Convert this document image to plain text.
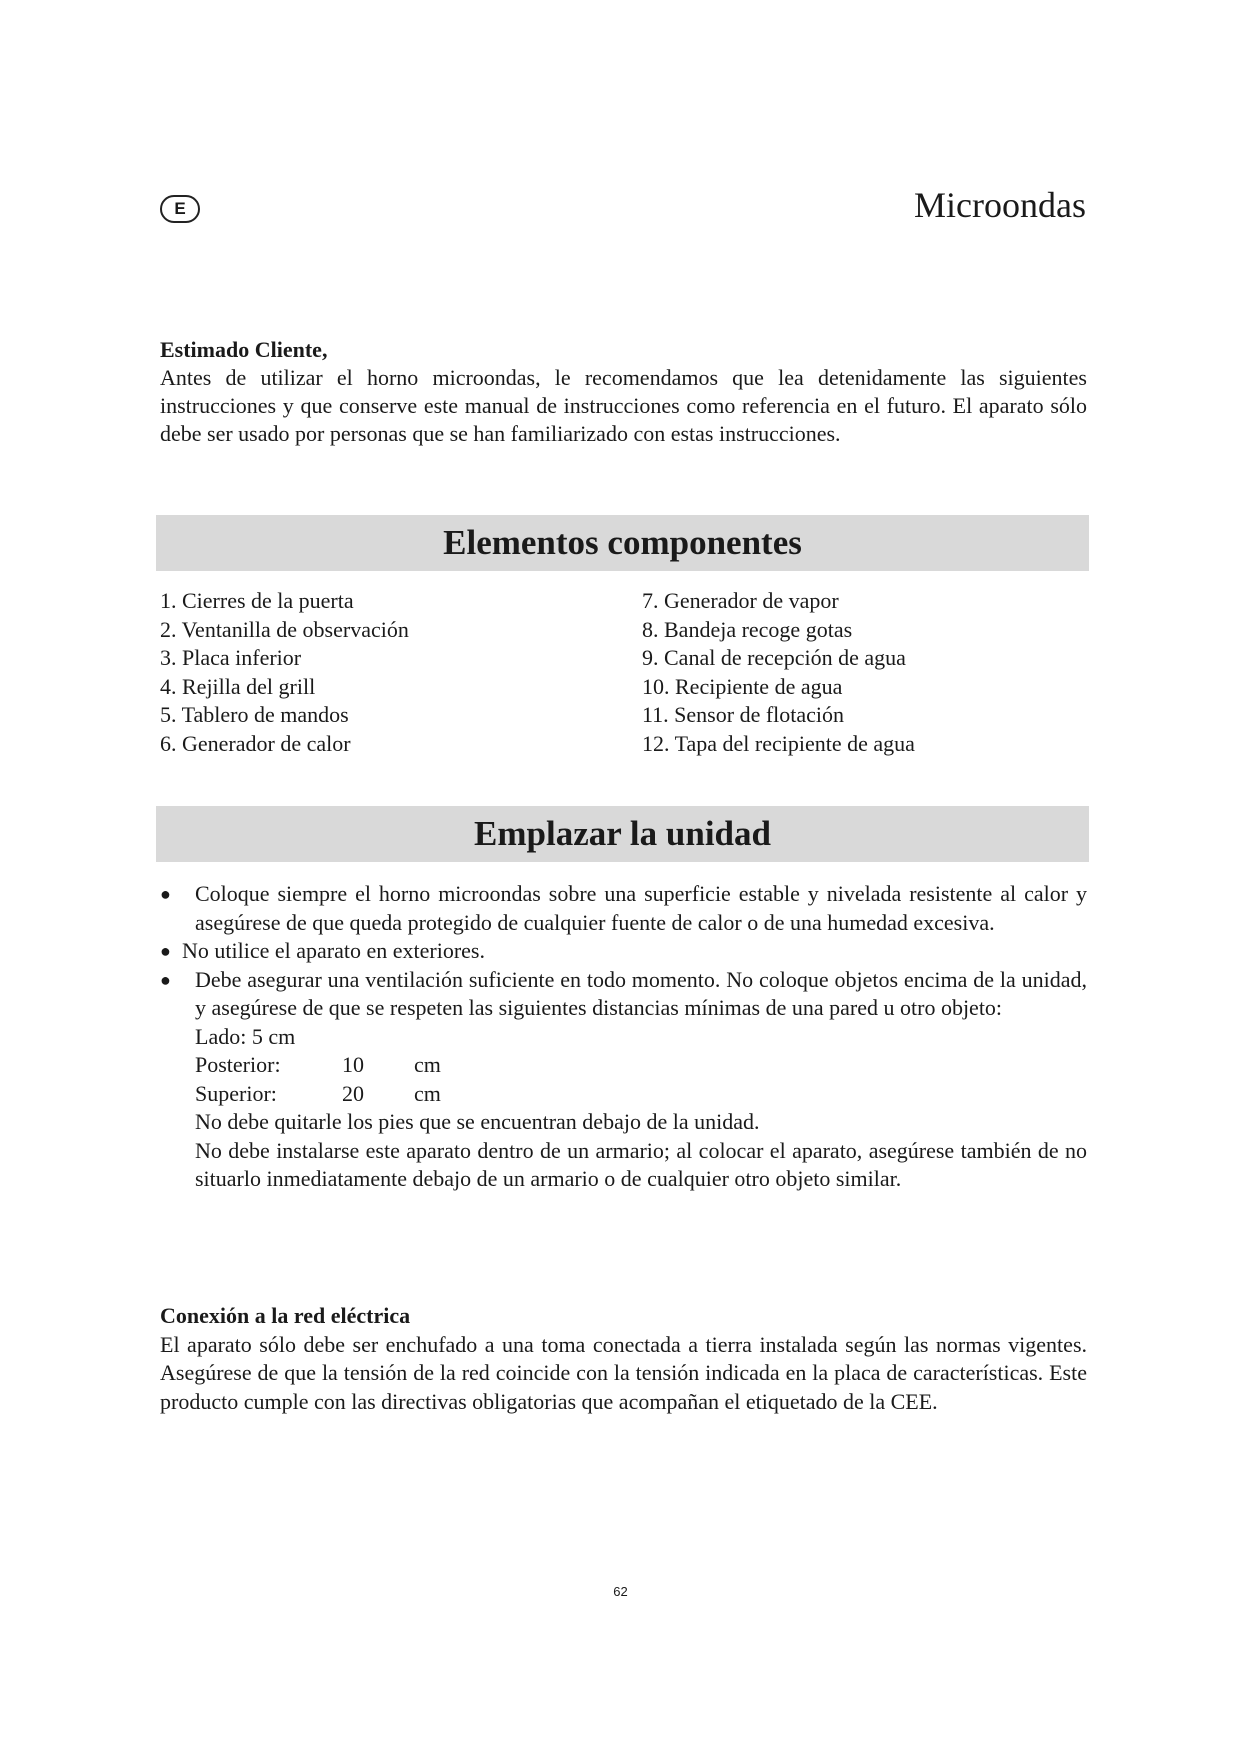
E	Microondas

Estimado Cliente,

Antes de utilizar el horno microondas, le recomendamos que lea detenidamente las siguientes instrucciones y que conserve este manual de instrucciones como referencia en el futuro. El aparato sólo debe ser usado por personas que se han familiarizado con estas instrucciones.

Elementos componentes
1. Cierres de la puerta
2. Ventanilla de observación
3. Placa inferior
4. Rejilla del grill
5. Tablero de mandos
6. Generador de calor
7. Generador de vapor
8. Bandeja recoge gotas
9. Canal de recepción de agua
10. Recipiente de agua
11. Sensor de flotación
12. Tapa del recipiente de agua
Emplazar la unidad
●	Coloque siempre el horno microondas sobre una superficie estable y nivelada resistente al calor y asegúrese de que queda protegido de cualquier fuente de calor o de una humedad excesiva.
● No utilice el aparato en exteriores.
●	Debe asegurar una ventilación suficiente en todo momento. No coloque objetos encima de la unidad, y asegúrese de que se respeten las siguientes distancias mínimas de una pared u otro objeto:
Lado: 5 cm
Posterior:	10	cm
Superior:	20	cm
No debe quitarle los pies que se encuentran debajo de la unidad.
No debe instalarse este aparato dentro de un armario; al colocar el aparato, asegúrese también de no situarlo inmediatamente debajo de un armario o de cualquier otro objeto similar.

Conexión a la red eléctrica

El aparato sólo debe ser enchufado a una toma conectada a tierra instalada según las normas vigentes. Asegúrese de que la tensión de la red coincide con la tensión indicada en la placa de características. Este producto cumple con las directivas obligatorias que acompañan el etiquetado de la CEE.

62
